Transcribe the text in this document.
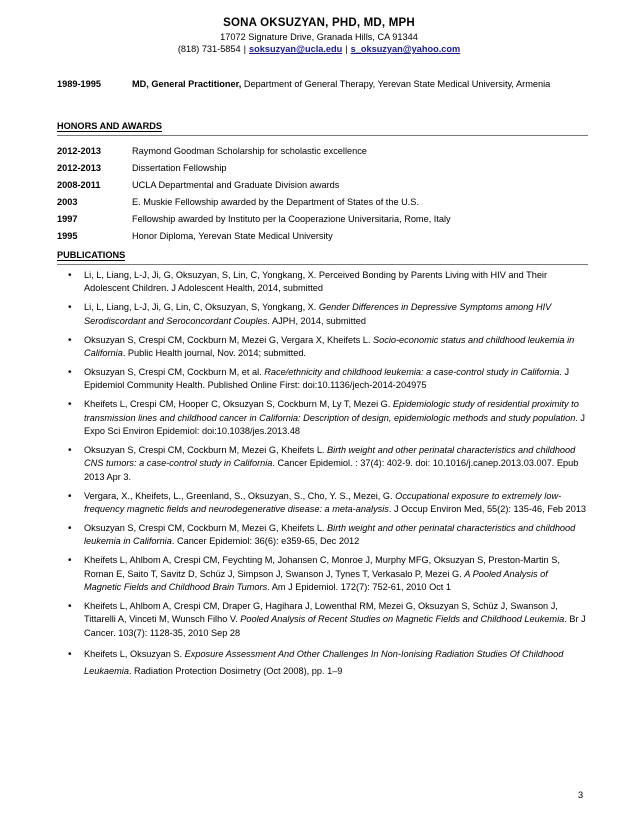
SONA OKSUZYAN, PHD, MD, MPH
17072 Signature Drive, Granada Hills, CA 91344
(818) 731-5854 | soksuzyan@ucla.edu | s_oksuzyan@yahoo.com
1989-1995	MD, General Practitioner, Department of General Therapy, Yerevan State Medical University, Armenia
HONORS AND AWARDS
2012-2013	Raymond Goodman Scholarship for scholastic excellence
2012-2013	Dissertation Fellowship
2008-2011	UCLA Departmental and Graduate Division awards
2003	E. Muskie Fellowship awarded by the Department of States of the U.S.
1997	Fellowship awarded by Instituto per la Cooperazione Universitaria, Rome, Italy
1995	Honor Diploma, Yerevan State Medical University
PUBLICATIONS
• Li, L, Liang, L-J, Ji, G, Oksuzyan, S, Lin, C, Yongkang, X. Perceived Bonding by Parents Living with HIV and Their Adolescent Children. J Adolescent Health, 2014, submitted
• Li, L, Liang, L-J, Ji, G, Lin, C, Oksuzyan, S, Yongkang, X. Gender Differences in Depressive Symptoms among HIV Serodiscordant and Seroconcordant Couples. AJPH, 2014, submitted
• Oksuzyan S, Crespi CM, Cockburn M, Mezei G, Vergara X, Kheifets L. Socio-economic status and childhood leukemia in California. Public Health journal, Nov. 2014; submitted.
• Oksuzyan S, Crespi CM, Cockburn M, et al. Race/ethnicity and childhood leukemia: a case-control study in California. J Epidemiol Community Health. Published Online First: doi:10.1136/jech-2014-204975
• Kheifets L, Crespi CM, Hooper C, Oksuzyan S, Cockburn M, Ly T, Mezei G. Epidemiologic study of residential proximity to transmission lines and childhood cancer in California: Description of design, epidemiologic methods and study population. J Expo Sci Environ Epidemiol: doi:10.1038/jes.2013.48
• Oksuzyan S, Crespi CM, Cockburn M, Mezei G, Kheifets L. Birth weight and other perinatal characteristics and childhood CNS tumors: a case-control study in California. Cancer Epidemiol. : 37(4): 402-9. doi: 10.1016/j.canep.2013.03.007. Epub 2013 Apr 3.
• Vergara, X., Kheifets, L., Greenland, S., Oksuzyan, S., Cho, Y. S., Mezei, G. Occupational exposure to extremely low-frequency magnetic fields and neurodegenerative disease: a meta-analysis. J Occup Environ Med, 55(2): 135-46, Feb 2013
• Oksuzyan S, Crespi CM, Cockburn M, Mezei G, Kheifets L. Birth weight and other perinatal characteristics and childhood leukemia in California. Cancer Epidemiol: 36(6): e359-65, Dec 2012
• Kheifets L, Ahlbom A, Crespi CM, Feychting M, Johansen C, Monroe J, Murphy MFG, Oksuzyan S, Preston-Martin S, Roman E, Saito T, Savitz D, Schüz J, Simpson J, Swanson J, Tynes T, Verkasalo P, Mezei G. A Pooled Analysis of Magnetic Fields and Childhood Brain Tumors. Am J Epidemiol. 172(7): 752-61, 2010 Oct 1
• Kheifets L, Ahlbom A, Crespi CM, Draper G, Hagihara J, Lowenthal RM, Mezei G, Oksuzyan S, Schüz J, Swanson J, Tittarelli A, Vinceti M, Wunsch Filho V. Pooled Analysis of Recent Studies on Magnetic Fields and Childhood Leukemia. Br J Cancer. 103(7): 1128-35, 2010 Sep 28
• Kheifets L, Oksuzyan S. Exposure Assessment And Other Challenges In Non-Ionising Radiation Studies Of Childhood Leukaemia. Radiation Protection Dosimetry (Oct 2008), pp. 1–9
3
